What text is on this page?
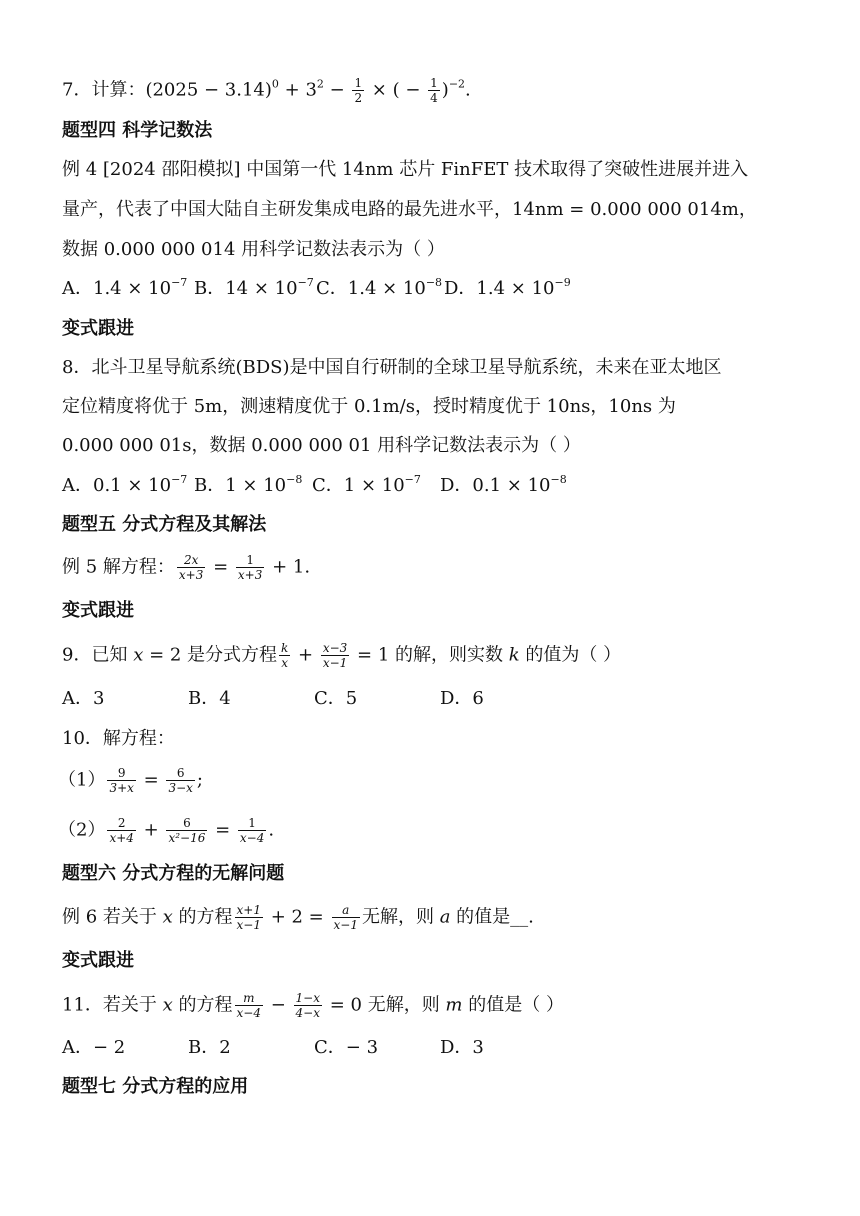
7．计算：$(2025 - 3.14)^0 + 3^2 - \frac{1}{2}$ × ( − $\frac{1}{4} )^{-2}$.
题型四 科学记数法
例 4 [2024 邵阳模拟] 中国第一代 14nm 芯片 FinFET 技术取得了突破性进展并进入
量产，代表了中国大陆自主研发集成电路的最先进水平，14nm = 0.000 000 014m，
数据 0.000 000 014 用科学记数法表示为（ ）
A．$1.4 \times 10^{-7}$ B．$14 \times 10^{-7}$ C．$1.4 \times 10^{-8}$ D．$1.4 \times 10^{-9}$
变式跟进
8．北斗卫星导航系统(BDS)是中国自行研制的全球卫星导航系统，未来在亚太地区
定位精度将优于 5m，测速精度优于 0.1m/s，授时精度优于 10ns，10ns 为
0.000 000 01s，数据 0.000 000 01 用科学记数法表示为（ ）
A．$0.1 \times 10^{-7}$ B．$1 \times 10^{-8}$ C．$1 \times 10^{-7}$ D．$0.1 \times 10^{-8}$
题型五 分式方程及其解法
例 5 解方程： $\frac{2x}{x+3} = \frac{1}{x+3} + 1$.
变式跟进
9．已知 x = 2 是分式方程 $\frac{k}{x} + \frac{x-3}{x-1} = 1$ 的解，则实数 k 的值为（ ）
A．3	B．4	C．5	D．6
10．解方程：
$(1) \frac{9}{3+x} = \frac{6}{3-x}$ ;
$(2) \frac{2}{x+4} + \frac{6}{\text{x²−16}} = \frac{1}{x-4}$ .
题型六 分式方程的无解问题
例 6 若关于 x 的方程 $\frac{x+1}{x-1} + 2 = \frac{a}{x-1}$ 无解，则 a 的值是__.
变式跟进
11．若关于 x 的方程 $\frac{m}{x-4} - \frac{1-x}{4-x} = 0$ 无解，则 m 的值是（ ）
A．− 2	B．2	C．− 3	D．3
题型七 分式方程的应用
